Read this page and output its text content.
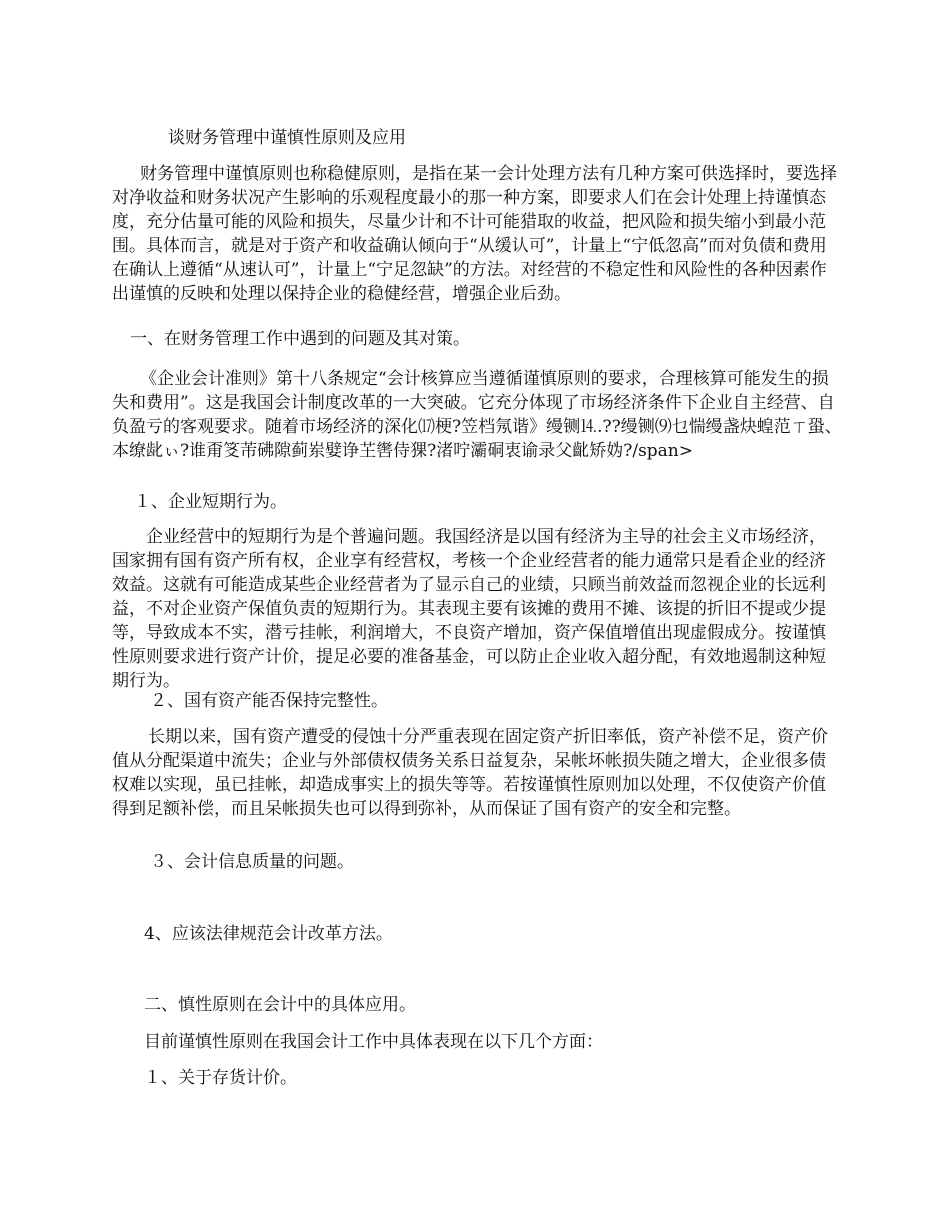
谈财务管理中谨慎性原则及应用

财务管理中谨慎原则也称稳健原则，是指在某一会计处理方法有几种方案可供选择时，要选择对净收益和财务状况产生影响的乐观程度最小的那一种方案，即要求人们在会计处理上持谨慎态度，充分估量可能的风险和损失，尽量少计和不计可能猎取的收益，把风险和损失缩小到最小范围。具体而言，就是对于资产和收益确认倾向于“从缓认可”，计量上“宁低忽高”而对负债和费用在确认上遵循“从速认可”，计量上“宁足忽缺”的方法。对经营的不稳定性和风险性的各种因素作出谨慎的反映和处理以保持企业的稳健经营，增强企业后劲。

一、在财务管理工作中遇到的问题及其对策。

《企业会计准则》第十八条规定“会计核算应当遵循谨慎原则的要求，合理核算可能发生的损失和费用”。这是我国会计制度改革的一大突破。它充分体现了市场经济条件下企业自主经营、自负盈亏的客观要求。随着市场经济的深化⒄梗?笠档氖谐》缦铡⒕.??缦铡⑼乜惴缦盏炔蝗范ㄒ蛩、本缭龀ぃ?谁甭笅芾砩隙蓟岽嬖诤芏辔侍猓?渚咛灞硐衷谕录父齔矫妫?/span>

１、企业短期行为。

企业经营中的短期行为是个普遍问题。我国经济是以国有经济为主导的社会主义市场经济，国家拥有国有资产所有权，企业享有经营权，考核一个企业经营者的能力通常只是看企业的经济效益。这就有可能造成某些企业经营者为了显示自己的业绩，只顾当前效益而忽视企业的长远利益，不对企业资产保值负责的短期行为。其表现主要有该摊的费用不摊、该提的折旧不提或少提等，导致成本不实，潜亏挂帐，利润增大，不良资产增加，资产保值增值出现虚假成分。按谨慎性原则要求进行资产计价，提足必要的准备基金，可以防止企业收入超分配，有效地遏制这种短期行为。

２、国有资产能否保持完整性。

长期以来，国有资产遭受的侵蚀十分严重表现在固定资产折旧率低，资产补偿不足，资产价值从分配渠道中流失；企业与外部债权债务关系日益复杂，呆帐坏帐损失随之增大，企业很多债权难以实现，虽已挂帐，却造成事实上的损失等等。若按谨慎性原则加以处理，不仅使资产价值得到足额补偿，而且呆帐损失也可以得到弥补，从而保证了国有资产的安全和完整。

３、会计信息质量的问题。

4、应该法律规范会计改革方法。

二、慎性原则在会计中的具体应用。

目前谨慎性原则在我国会计工作中具体表现在以下几个方面：

１、关于存货计价。
